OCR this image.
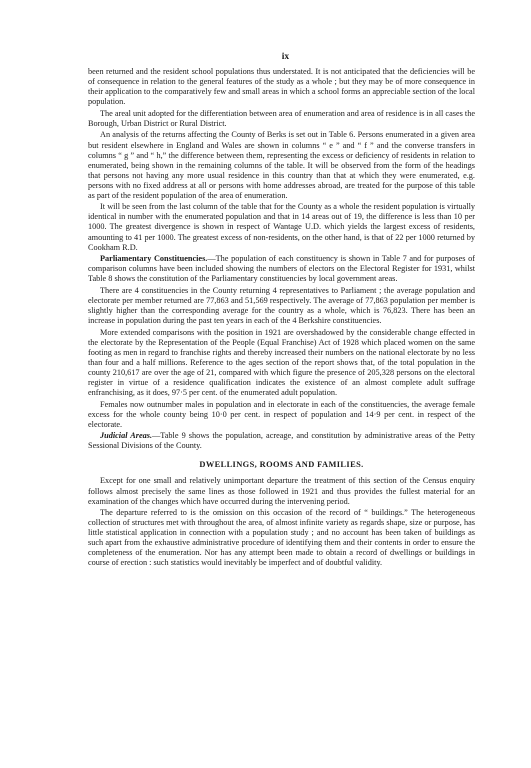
ix

been returned and the resident school populations thus understated. It is not anticipated that the deficiencies will be of consequence in relation to the general features of the study as a whole ; but they may be of more consequence in their application to the comparatively few and small areas in which a school forms an appreciable section of the local population.

The areal unit adopted for the differentiation between area of enumeration and area of residence is in all cases the Borough, Urban District or Rural District.

An analysis of the returns affecting the County of Berks is set out in Table 6. Persons enumerated in a given area but resident elsewhere in England and Wales are shown in columns “ e ” and “ f ” and the converse transfers in columns “ g ” and “ h,” the difference between them, representing the excess or deficiency of residents in relation to enumerated, being shown in the remaining columns of the table. It will be observed from the form of the headings that persons not having any more usual residence in this country than that at which they were enumerated, e.g. persons with no fixed address at all or persons with home addresses abroad, are treated for the purpose of this table as part of the resident population of the area of enumeration.

It will be seen from the last column of the table that for the County as a whole the resident population is virtually identical in number with the enumerated population and that in 14 areas out of 19, the difference is less than 10 per 1000. The greatest divergence is shown in respect of Wantage U.D. which yields the largest excess of residents, amounting to 41 per 1000. The greatest excess of non-residents, on the other hand, is that of 22 per 1000 returned by Cookham R.D.

Parliamentary Constituencies.—The population of each constituency is shown in Table 7 and for purposes of comparison columns have been included showing the numbers of electors on the Electoral Register for 1931, whilst Table 8 shows the constitution of the Parliamentary constituencies by local government areas.

There are 4 constituencies in the County returning 4 representatives to Parliament ; the average population and electorate per member returned are 77,863 and 51,569 respectively. The average of 77,863 population per member is slightly higher than the corresponding average for the country as a whole, which is 76,823. There has been an increase in population during the past ten years in each of the 4 Berkshire constituencies.

More extended comparisons with the position in 1921 are overshadowed by the considerable change effected in the electorate by the Representation of the People (Equal Franchise) Act of 1928 which placed women on the same footing as men in regard to franchise rights and thereby increased their numbers on the national electorate by no less than four and a half millions. Reference to the ages section of the report shows that, of the total population in the county 210,617 are over the age of 21, compared with which figure the presence of 205,328 persons on the electoral register in virtue of a residence qualification indicates the existence of an almost complete adult suffrage enfranchising, as it does, 97·5 per cent. of the enumerated adult population.

Females now outnumber males in population and in electorate in each of the constituencies, the average female excess for the whole county being 10·0 per cent. in respect of population and 14·9 per cent. in respect of the electorate.

Judicial Areas.—Table 9 shows the population, acreage, and constitution by administrative areas of the Petty Sessional Divisions of the County.

DWELLINGS, ROOMS AND FAMILIES.

Except for one small and relatively unimportant departure the treatment of this section of the Census enquiry follows almost precisely the same lines as those followed in 1921 and thus provides the fullest material for an examination of the changes which have occurred during the intervening period.

The departure referred to is the omission on this occasion of the record of “ buildings.” The heterogeneous collection of structures met with throughout the area, of almost infinite variety as regards shape, size or purpose, has little statistical application in connection with a population study ; and no account has been taken of buildings as such apart from the exhaustive administrative procedure of identifying them and their contents in order to ensure the completeness of the enumeration. Nor has any attempt been made to obtain a record of dwellings or buildings in course of erection : such statistics would inevitably be imperfect and of doubtful validity.
